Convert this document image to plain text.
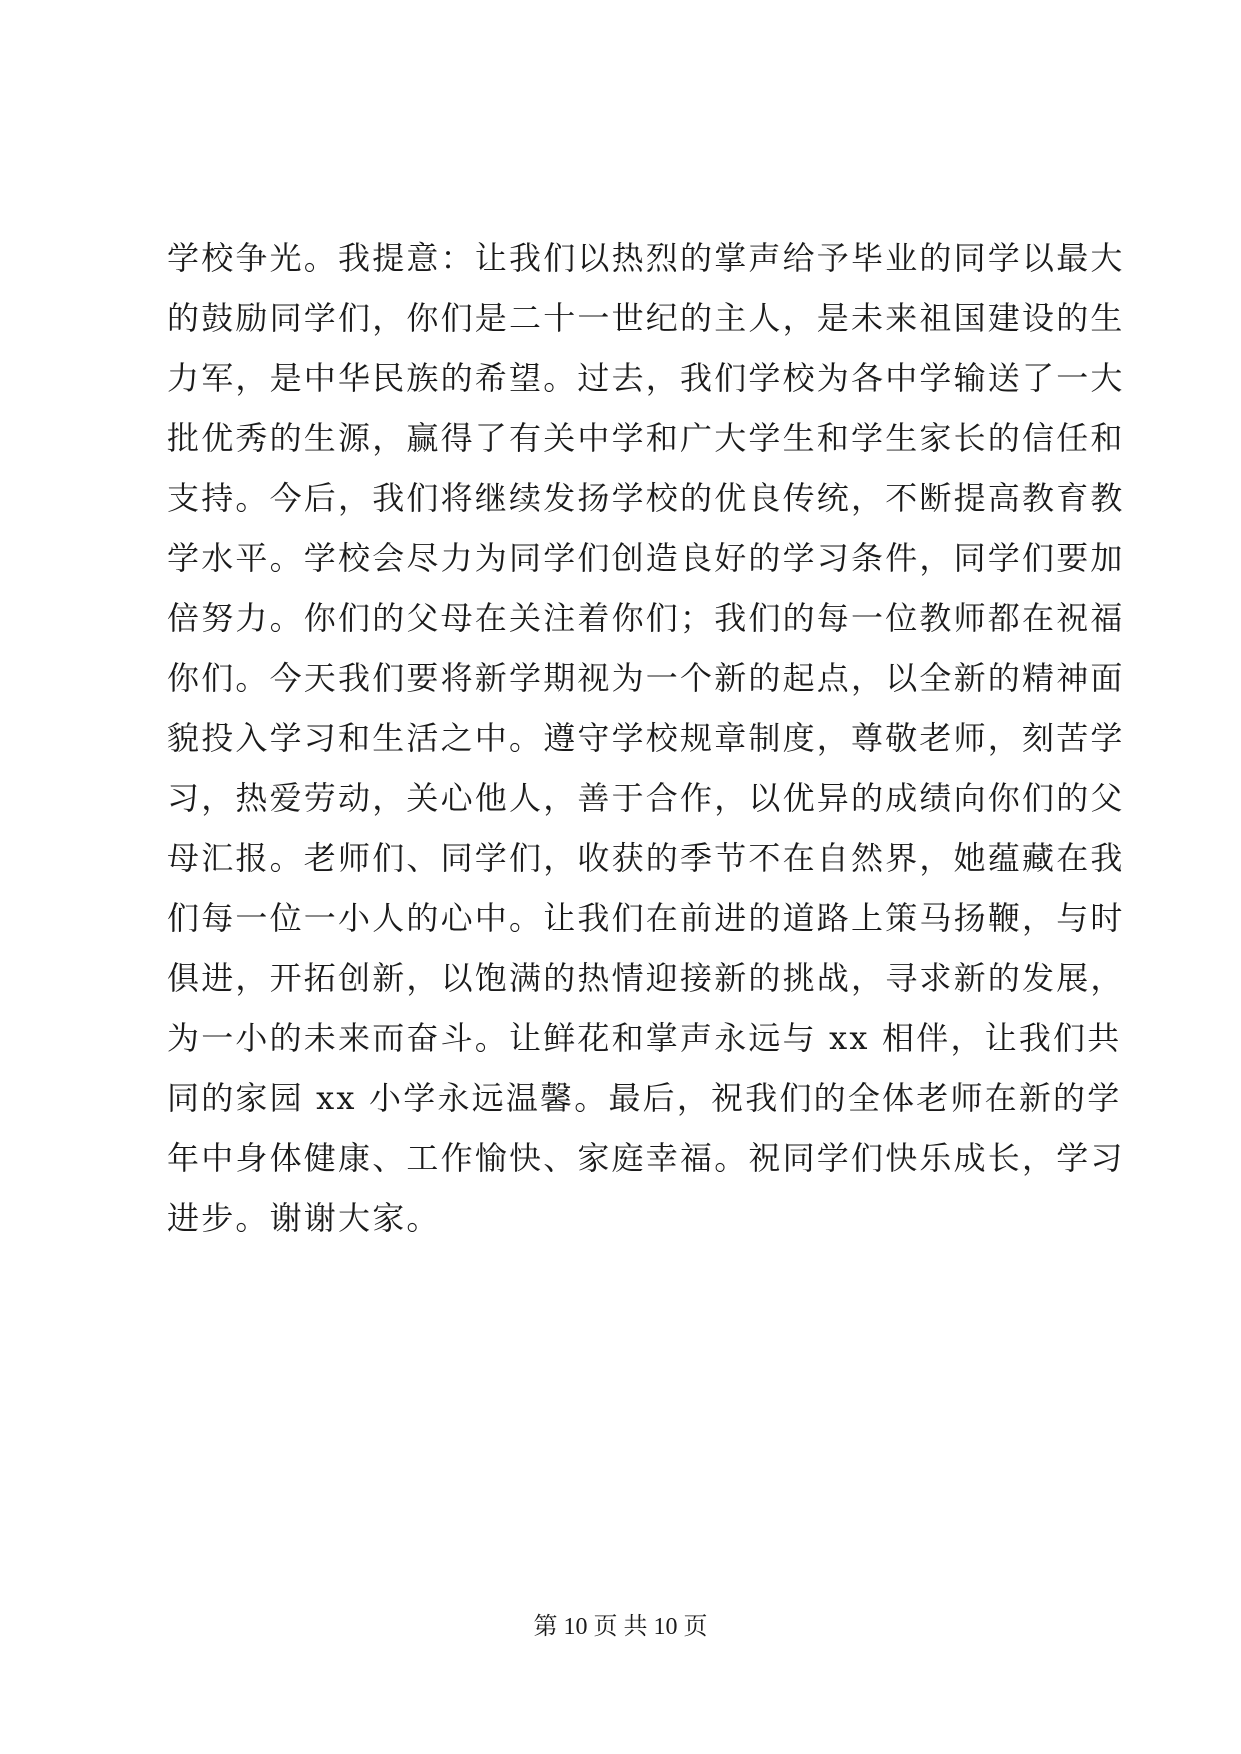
学校争光。我提意：让我们以热烈的掌声给予毕业的同学以最大
的鼓励同学们，你们是二十一世纪的主人，是未来祖国建设的生
力军，是中华民族的希望。过去，我们学校为各中学输送了一大
批优秀的生源，赢得了有关中学和广大学生和学生家长的信任和
支持。今后，我们将继续发扬学校的优良传统，不断提高教育教
学水平。学校会尽力为同学们创造良好的学习条件，同学们要加
倍努力。你们的父母在关注着你们；我们的每一位教师都在祝福
你们。今天我们要将新学期视为一个新的起点，以全新的精神面
貌投入学习和生活之中。遵守学校规章制度，尊敬老师，刻苦学
习，热爱劳动，关心他人，善于合作，以优异的成绩向你们的父
母汇报。老师们、同学们，收获的季节不在自然界，她蕴藏在我
们每一位一小人的心中。让我们在前进的道路上策马扬鞭，与时
俱进，开拓创新，以饱满的热情迎接新的挑战，寻求新的发展，
为一小的未来而奋斗。让鲜花和掌声永远与 xx 相伴，让我们共
同的家园 xx 小学永远温馨。最后，祝我们的全体老师在新的学
年中身体健康、工作愉快、家庭幸福。祝同学们快乐成长，学习
进步。谢谢大家。
第 10 页 共 10 页
